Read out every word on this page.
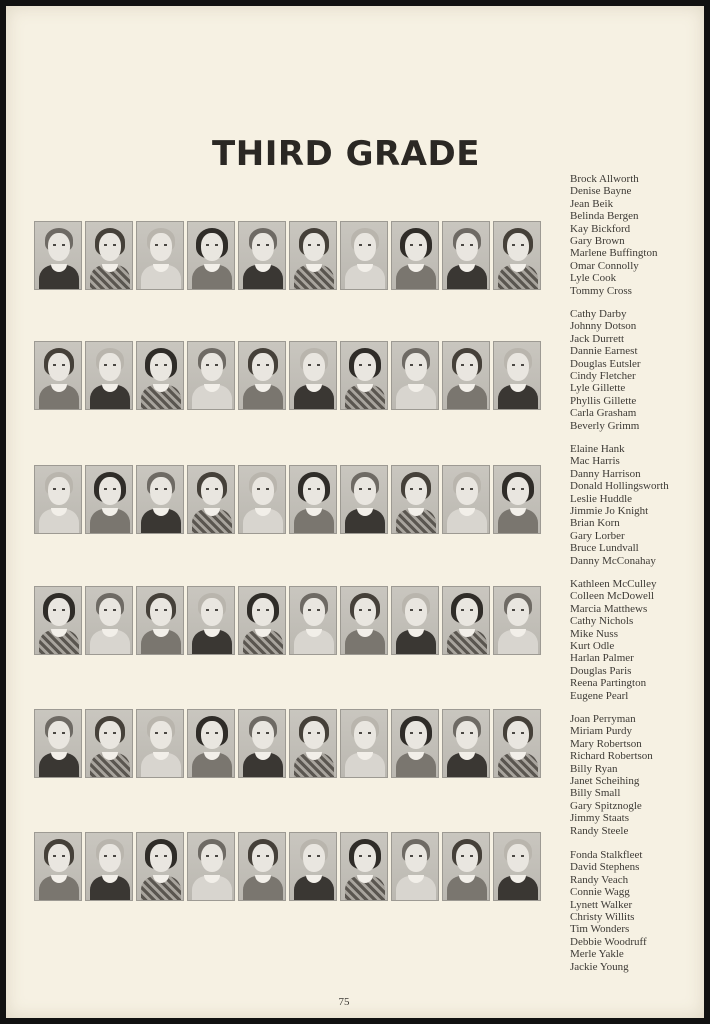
THIRD GRADE
Brock Allworth
Denise Bayne
Jean Beik
Belinda Bergen
Kay Bickford
Gary Brown
Marlene Buffington
Omar Connolly
Lyle Cook
Tommy Cross
Cathy Darby
Johnny Dotson
Jack Durrett
Dannie Earnest
Douglas Eutsler
Cindy Fletcher
Lyle Gillette
Phyllis Gillette
Carla Grasham
Beverly Grimm
Elaine Hank
Mac Harris
Danny Harrison
Donald Hollingsworth
Leslie Huddle
Jimmie Jo Knight
Brian Korn
Gary Lorber
Bruce Lundvall
Danny McConahay
Kathleen McCulley
Colleen McDowell
Marcia Matthews
Cathy Nichols
Mike Nuss
Kurt Odle
Harlan Palmer
Douglas Paris
Reena Partington
Eugene Pearl
Joan Perryman
Miriam Purdy
Mary Robertson
Richard Robertson
Billy Ryan
Janet Scheihing
Billy Small
Gary Spitznogle
Jimmy Staats
Randy Steele
Fonda Stalkfleet
David Stephens
Randy Veach
Connie Wagg
Lynett Walker
Christy Willits
Tim Wonders
Debbie Woodruff
Merle Yakle
Jackie Young
75
